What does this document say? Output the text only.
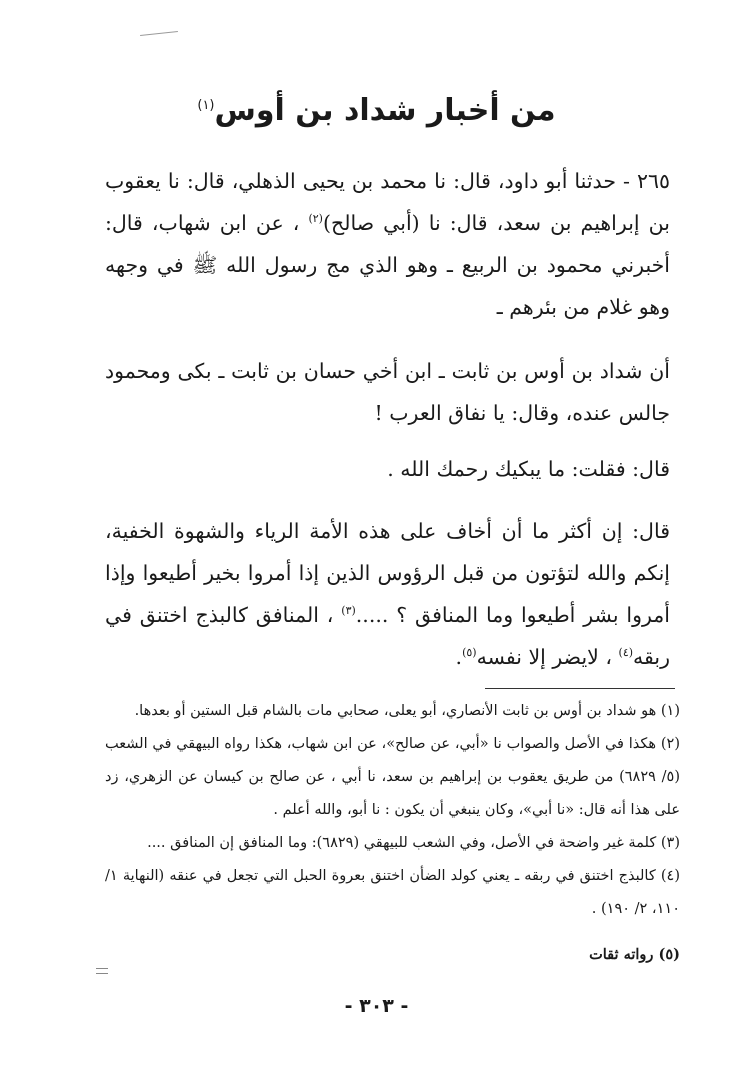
من أخبار شداد بن أوس$^{(١)}$

٢٦٥ - حدثنا أبو داود، قال: نا محمد بن يحيى الذهلي، قال: نا يعقوب بن إبراهيم بن سعد، قال: نا (أبي صالح)$^{(٢)}$ ، عن ابن شهاب، قال: أخبرني محمود بن الربيع ـ وهو الذي مج رسول الله ﷺ في وجهه وهو غلام من بئرهم ـ

أن شداد بن أوس بن ثابت ـ ابن أخي حسان بن ثابت ـ بكى ومحمود جالس عنده، وقال: يا نفاق العرب !

قال: فقلت: ما يبكيك رحمك الله .

قال: إن أكثر ما أن أخاف على هذه الأمة الرياء والشهوة الخفية، إنكم والله لتؤتون من قبل الرؤوس الذين إذا أمروا بخير أطيعوا وإذا أمروا بشر أطيعوا وما المنافق ؟ .....$^{(٣)}$ ، المنافق كالبذج اختنق في ربقه$^{(٤)}$ ، لايضر إلا نفسه$^{(٥)}$.

(١) هو شداد بن أوس بن ثابت الأنصاري، أبو يعلى، صحابي مات بالشام قبل الستين أو بعدها.

(٢) هكذا في الأصل والصواب نا «أبي، عن صالح»، عن ابن شهاب، هكذا رواه البيهقي في الشعب (٥/ ٦٨٢٩) من طريق يعقوب بن إبراهيم بن سعد، نا أبي ، عن صالح بن كيسان عن الزهري، زد على هذا أنه قال: «نا أبي»، وكان ينبغي أن يكون : نا أبو، والله أعلم .

(٣) كلمة غير واضحة في الأصل، وفي الشعب للبيهقي (٦٨٢٩): وما المنافق إن المنافق ....

(٤) كالبذج اختنق في ربقه ـ يعني كولد الضأن اختنق بعروة الحبل التي تجعل في عنقه (النهاية ١/ ١١٠، ٢/ ١٩٠) .

(٥) رواته ثقات

- ٣٠٣ -
